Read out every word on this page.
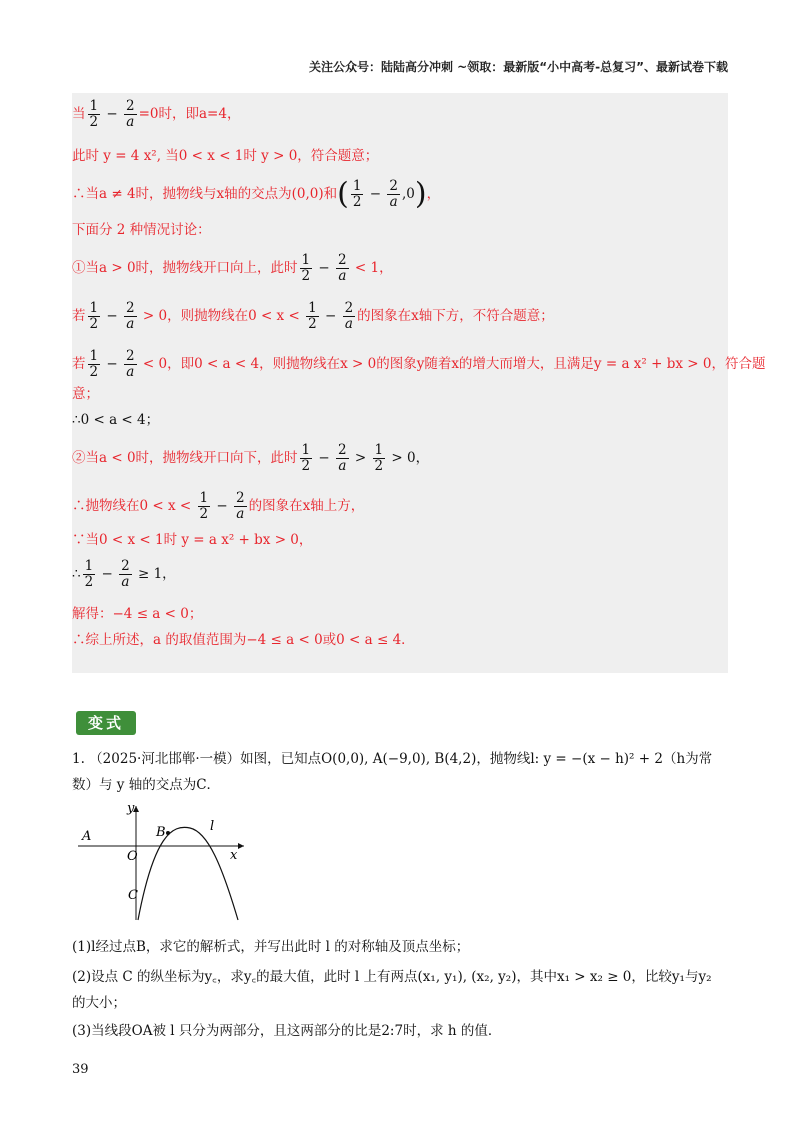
关注公众号：陆陆高分冲刺 ~领取：最新版“小中高考-总复习”、最新试卷下载
当 $\frac{1}{2} - \frac{2}{a} =0$时，即a=4，
此时 y = 4 x², 当0 < x < 1时 y > 0，符合题意；
∴当a ≠ 4时，抛物线与x轴的交点为(0,0)和( $\frac{1}{2} - \frac{2}{a} ,0$)，
下面分 2 种情况讨论：
①当a > 0时，抛物线开口向上，此时 $\frac{1}{2} - \frac{2}{a} < 1$，
若 $\frac{1}{2} - \frac{2}{a} > 0$，则抛物线在$0 < x < \frac{1}{2} - \frac{2}{a}$ 的图象在x轴下方，不符合题意；
若 $\frac{1}{2} - \frac{2}{a} < 0$，即0 < a < 4，则抛物线在x > 0的图象y随着x的增大而增大，且满足y = a x² + bx > 0，符合题
意；
∴0 < a < 4；
②当a < 0时，抛物线开口向下，此时 $\frac{1}{2} - \frac{2}{a} > \frac{1}{2} > 0$，
∴抛物线在$0 < x < \frac{1}{2} - \frac{2}{a}$ 的图象在x轴上方，
∵当0 < x < 1时 y = a x² + bx > 0，
∴ $\frac{1}{2} - \frac{2}{a} \ge 1$，
解得：−4 ≤ a < 0；
∴综上所述，a 的取值范围为−4 ≤ a < 0或0 < a ≤ 4．
变式
1. （2025·河北邯郸·一模）如图，已知点O(0,0), A(−9,0), B(4,2)，抛物线l: y = −(x − h)² + 2（h为常
数）与 y 轴的交点为C．
A	B
C
O	x
y
l
(1)l经过点B，求它的解析式，并写出此时 l 的对称轴及顶点坐标；
(2)设点 C 的纵坐标为y꜀，求y꜀的最大值，此时 l 上有两点(x₁, y₁), (x₂, y₂)，其中x₁ > x₂ ≥ 0，比较y₁与y₂
的大小；
(3)当线段OA被 l 只分为两部分，且这两部分的比是2:7时，求 h 的值．
39
